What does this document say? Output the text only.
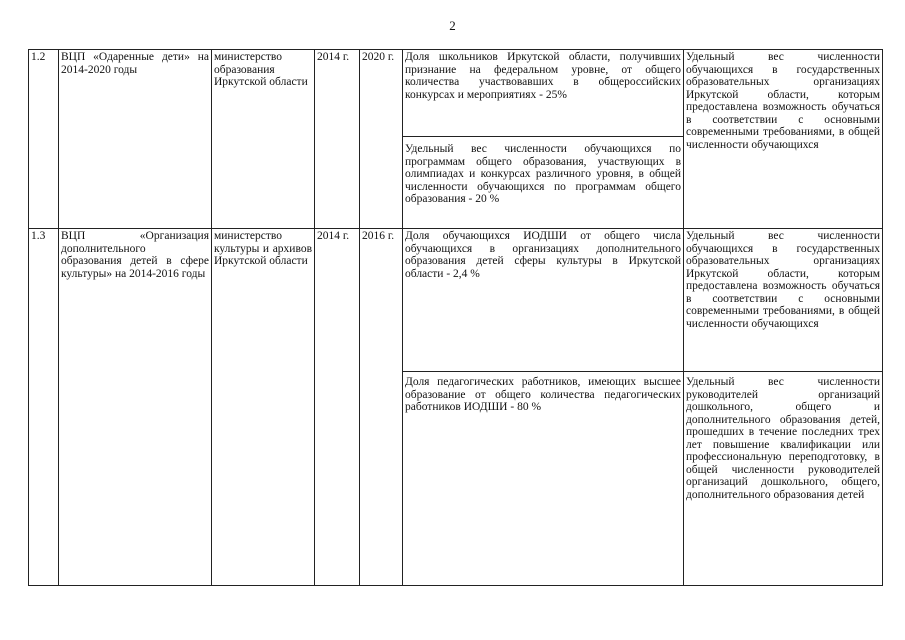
2
1.2	ВЦП «Одаренные дети» на 2014-2020 годы	министерство образования Иркутской области	2014 г.	2020 г.	Доля школьников Иркутской области, получивших признание на федеральном уровне, от общего количества участвовавших в общероссийских конкурсах и мероприятиях - 25%	Удельный вес численности обучающихся в государственных образовательных организациях Иркутской области, которым предоставлена возможность обучаться в соответствии с основными современными требованиями, в общей численности обучающихся
					Удельный вес численности обучающихся по программам общего образования, участвующих в олимпиадах и конкурсах различного уровня, в общей численности обучающихся по программам общего образования - 20 %	
1.3	ВЦП «Организация дополнительного образования детей в сфере культуры» на 2014-2016 годы	министерство культуры и архивов Иркутской области	2014 г.	2016 г.	Доля обучающихся ИОДШИ от общего числа обучающихся в организациях дополнительного образования детей сферы культуры в Иркутской области - 2,4 %	Удельный вес численности обучающихся в государственных образовательных организациях Иркутской области, которым предоставлена возможность обучаться в соответствии с основными современными требованиями, в общей численности обучающихся
					Доля педагогических работников, имеющих высшее образование от общего количества педагогических работников ИОДШИ - 80 %	Удельный вес численности руководителей организаций дошкольного, общего и дополнительного образования детей, прошедших в течение последних трех лет повышение квалификации или профессиональную переподготовку, в общей численности руководителей организаций дошкольного, общего, дополнительного образования детей
